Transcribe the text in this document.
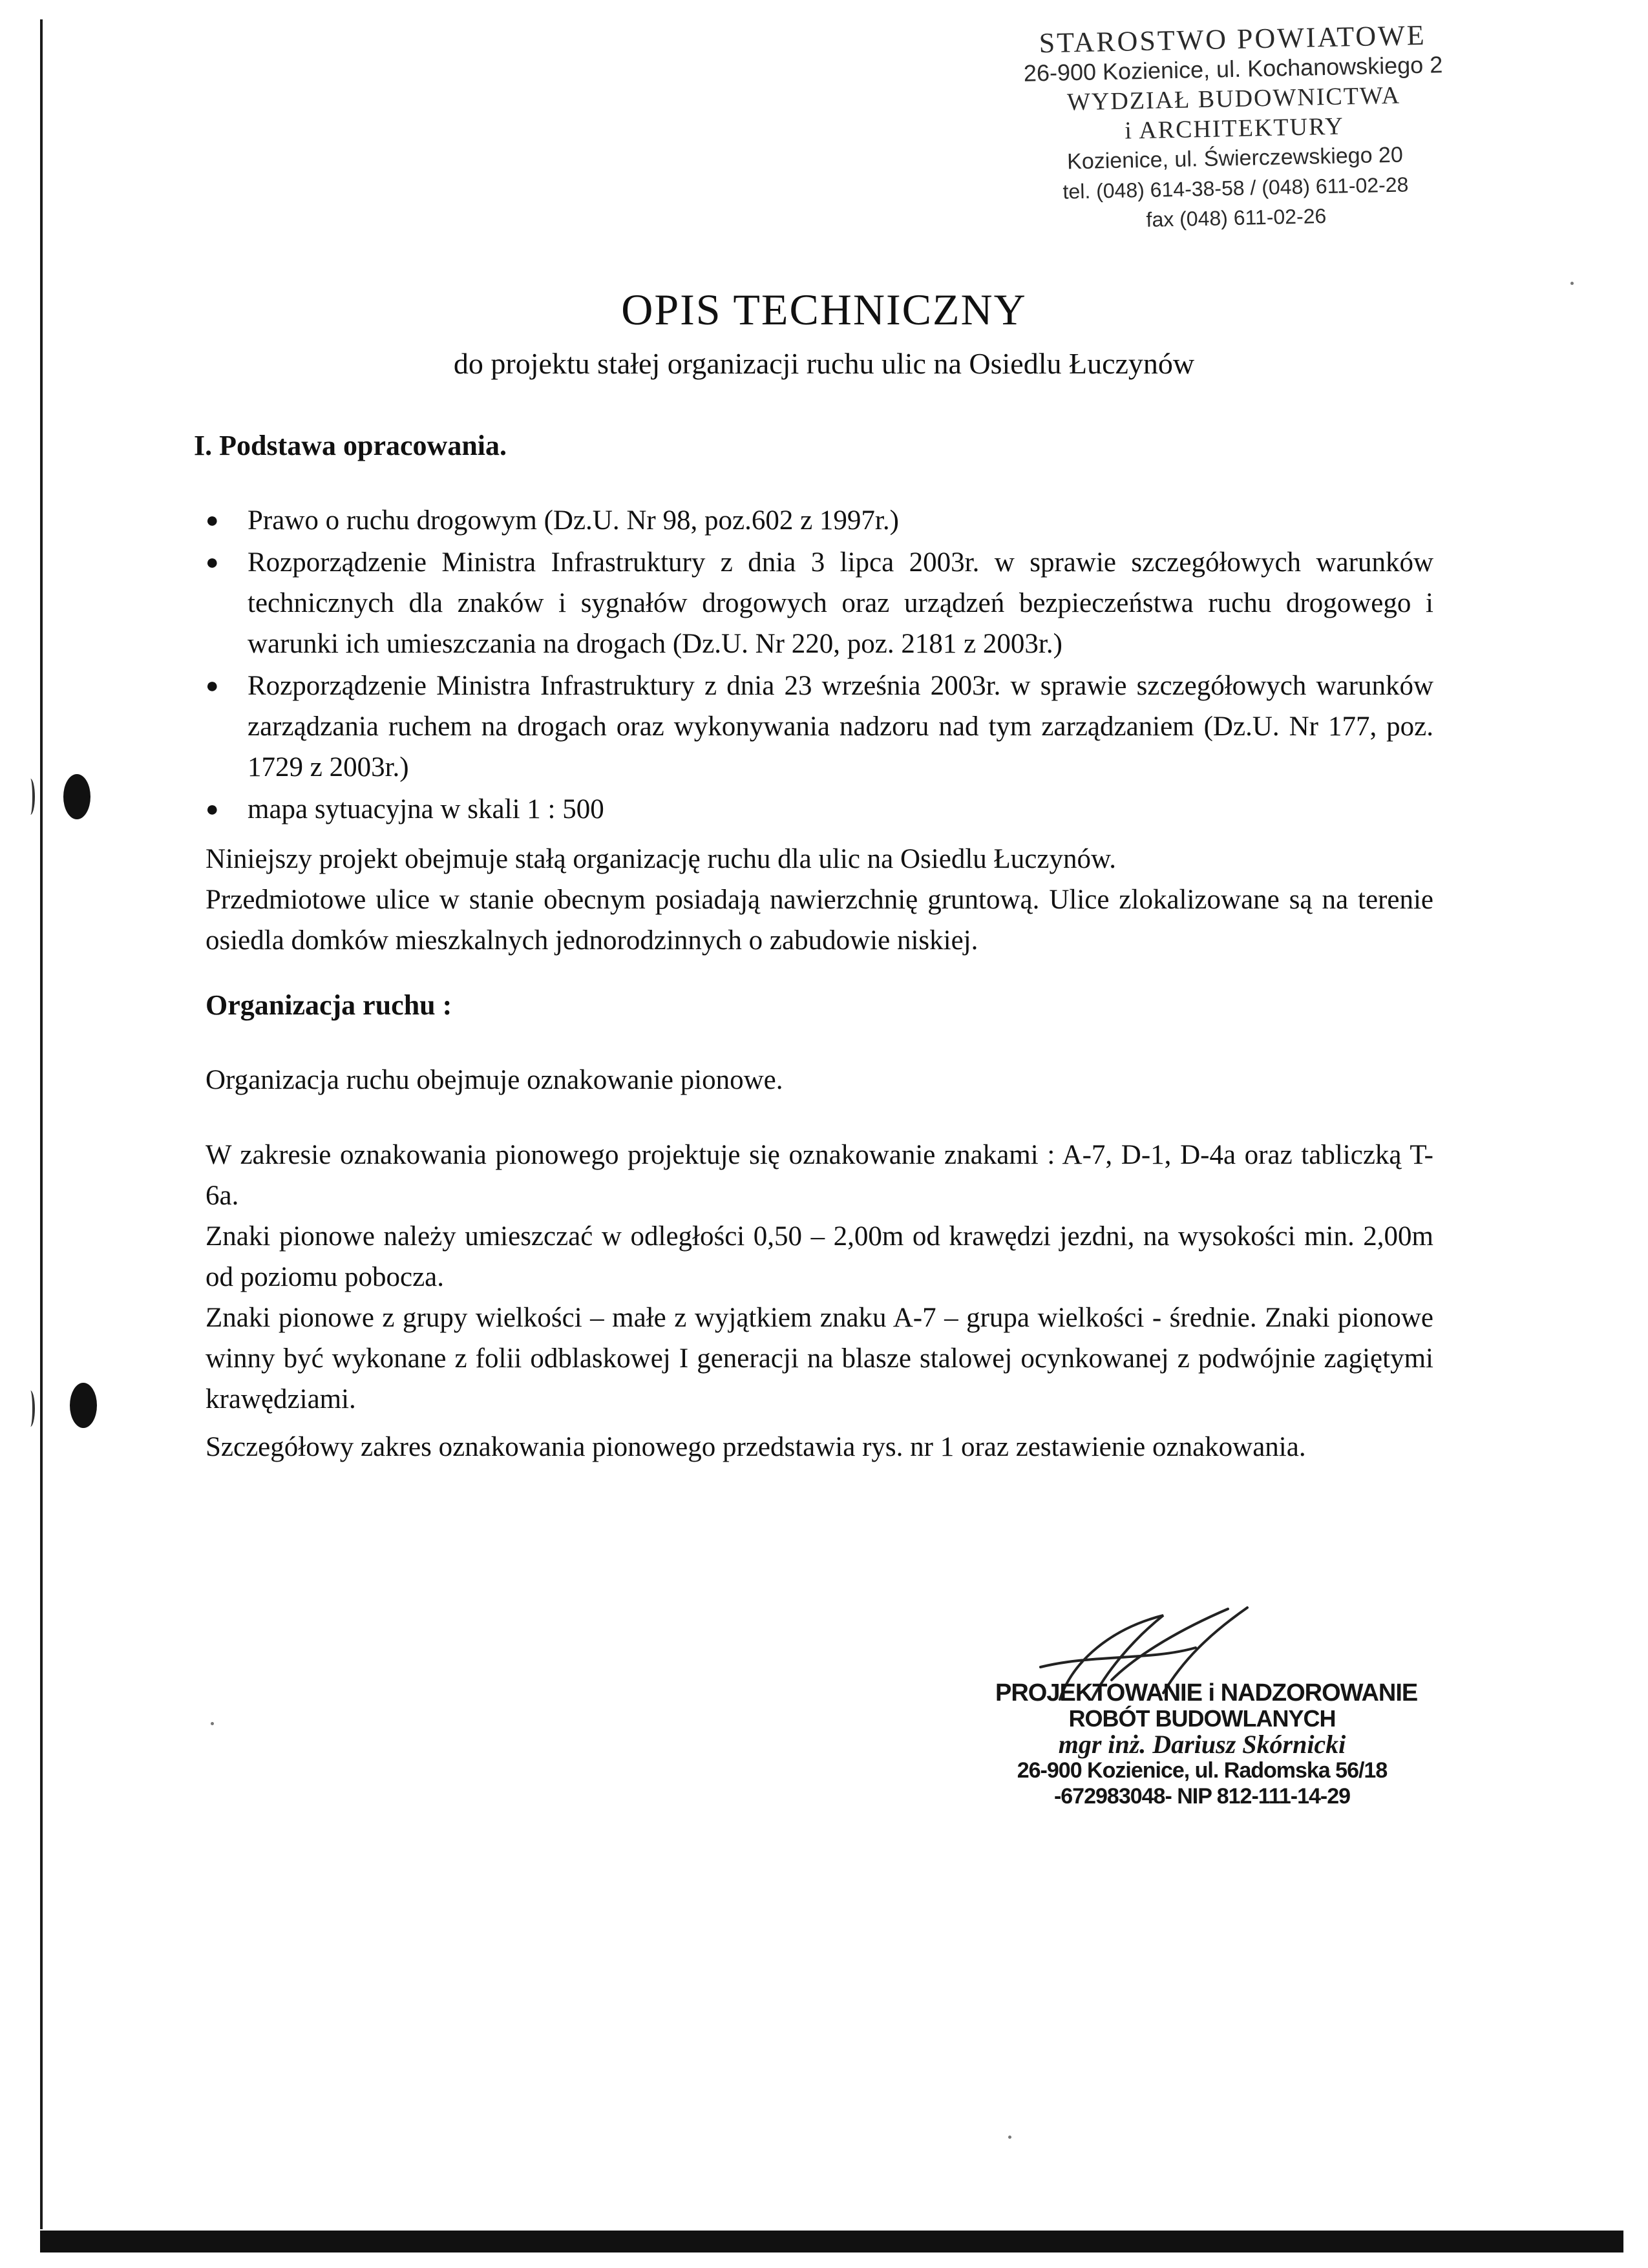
STAROSTWO POWIATOWE
26-900 Kozienice, ul. Kochanowskiego 2
WYDZIAŁ BUDOWNICTWA
i ARCHITEKTURY
Kozienice, ul. Świerczewskiego 20
tel. (048) 614-38-58 / (048) 611-02-28
fax (048) 611-02-26
OPIS TECHNICZNY
do projektu stałej organizacji ruchu ulic na Osiedlu Łuczynów
I. Podstawa opracowania.
● Prawo o ruchu drogowym (Dz.U. Nr 98, poz.602 z 1997r.)
● Rozporządzenie Ministra Infrastruktury z dnia 3 lipca 2003r. w sprawie szczegółowych warunków technicznych dla znaków i sygnałów drogowych oraz urządzeń bezpieczeństwa ruchu drogowego i warunki ich umieszczania na drogach (Dz.U. Nr 220, poz. 2181 z 2003r.)
● Rozporządzenie Ministra Infrastruktury z dnia 23 września 2003r. w sprawie szczegółowych warunków zarządzania ruchem na drogach oraz wykonywania nadzoru nad tym zarządzaniem (Dz.U. Nr 177, poz. 1729 z 2003r.)
● mapa sytuacyjna w skali 1 : 500
Niniejszy projekt obejmuje stałą organizację ruchu dla ulic na Osiedlu Łuczynów.
Przedmiotowe ulice w stanie obecnym posiadają nawierzchnię gruntową. Ulice zlokalizowane są na terenie osiedla domków mieszkalnych jednorodzinnych o zabudowie niskiej.
Organizacja ruchu :
Organizacja ruchu obejmuje oznakowanie pionowe.
W zakresie oznakowania pionowego projektuje się oznakowanie znakami : A-7, D-1, D-4a oraz tabliczką T-6a.
Znaki pionowe należy umieszczać w odległości 0,50 – 2,00m od krawędzi jezdni, na wysokości min. 2,00m od poziomu pobocza.
Znaki pionowe z grupy wielkości – małe z wyjątkiem znaku A-7 – grupa wielkości - średnie. Znaki pionowe winny być wykonane z folii odblaskowej I generacji na blasze stalowej ocynkowanej z podwójnie zagiętymi krawędziami.
Szczegółowy zakres oznakowania pionowego przedstawia rys. nr 1 oraz zestawienie oznakowania.
PROJEKTOWANIE i NADZOROWANIE
ROBÓT BUDOWLANYCH
mgr inż. Dariusz Skórnicki
26-900 Kozienice, ul. Radomska 56/18
-672983048- NIP 812-111-14-29
